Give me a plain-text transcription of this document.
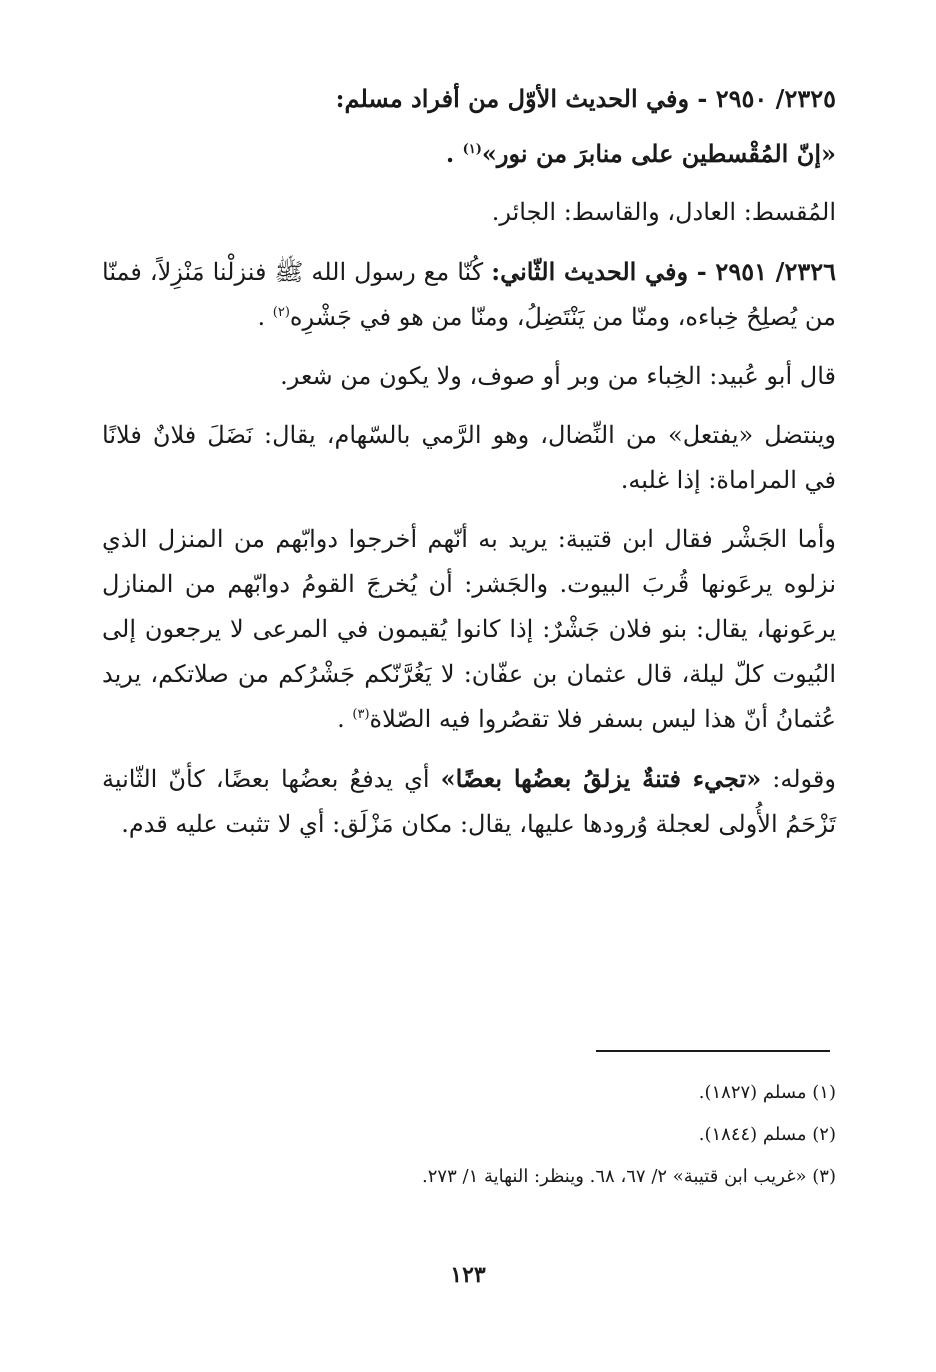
٢٣٢٥/ ٢٩٥٠ - وفي الحديث الأوّل من أفراد مسلم:

«إنّ المُقْسطين على منابرَ من نور»$^{(١)}$ .

المُقسط: العادل، والقاسط: الجائر.

٢٣٢٦/ ٢٩٥١ - وفي الحديث الثّاني: كُنّا مع رسول الله ﷺ فنزلْنا مَنْزِلاً، فمنّا من يُصلِحُ خِباءه، ومنّا من يَنْتَضِلُ، ومنّا من هو في جَشْرِه$^{(٢)}$ .

قال أبو عُبيد: الخِباء من وبر أو صوف، ولا يكون من شعر.

وينتضل «يفتعل» من النِّضال، وهو الرَّمي بالسّهام، يقال: نَضَلَ فلانٌ فلانًا في المراماة: إذا غلبه.

وأما الجَشْر فقال ابن قتيبة: يريد به أنّهم أخرجوا دوابّهم من المنزل الذي نزلوه يرعَونها قُربَ البيوت. والجَشر: أن يُخرجَ القومُ دوابّهم من المنازل يرعَونها، يقال: بنو فلان جَشْرٌ: إذا كانوا يُقيمون في المرعى لا يرجعون إلى البُيوت كلّ ليلة، قال عثمان بن عفّان: لا يَغُرَّنّكم جَشْرُكم من صلاتكم، يريد عُثمانُ أنّ هذا ليس بسفر فلا تقصُروا فيه الصّلاة$^{(٣)}$ .

وقوله: «تجيء فتنةٌ يزلقُ بعضُها بعضًا» أي يدفعُ بعضُها بعضًا، كأنّ الثّانية تَزْحَمُ الأُولى لعجلة وُرودها عليها، يقال: مكان مَزْلَق: أي لا تثبت عليه قدم.

(١) مسلم (١٨٢٧).
(٢) مسلم (١٨٤٤).
(٣) «غريب ابن قتيبة» ٢/ ٦٧، ٦٨. وينظر: النهاية ١/ ٢٧٣.
١٢٣
